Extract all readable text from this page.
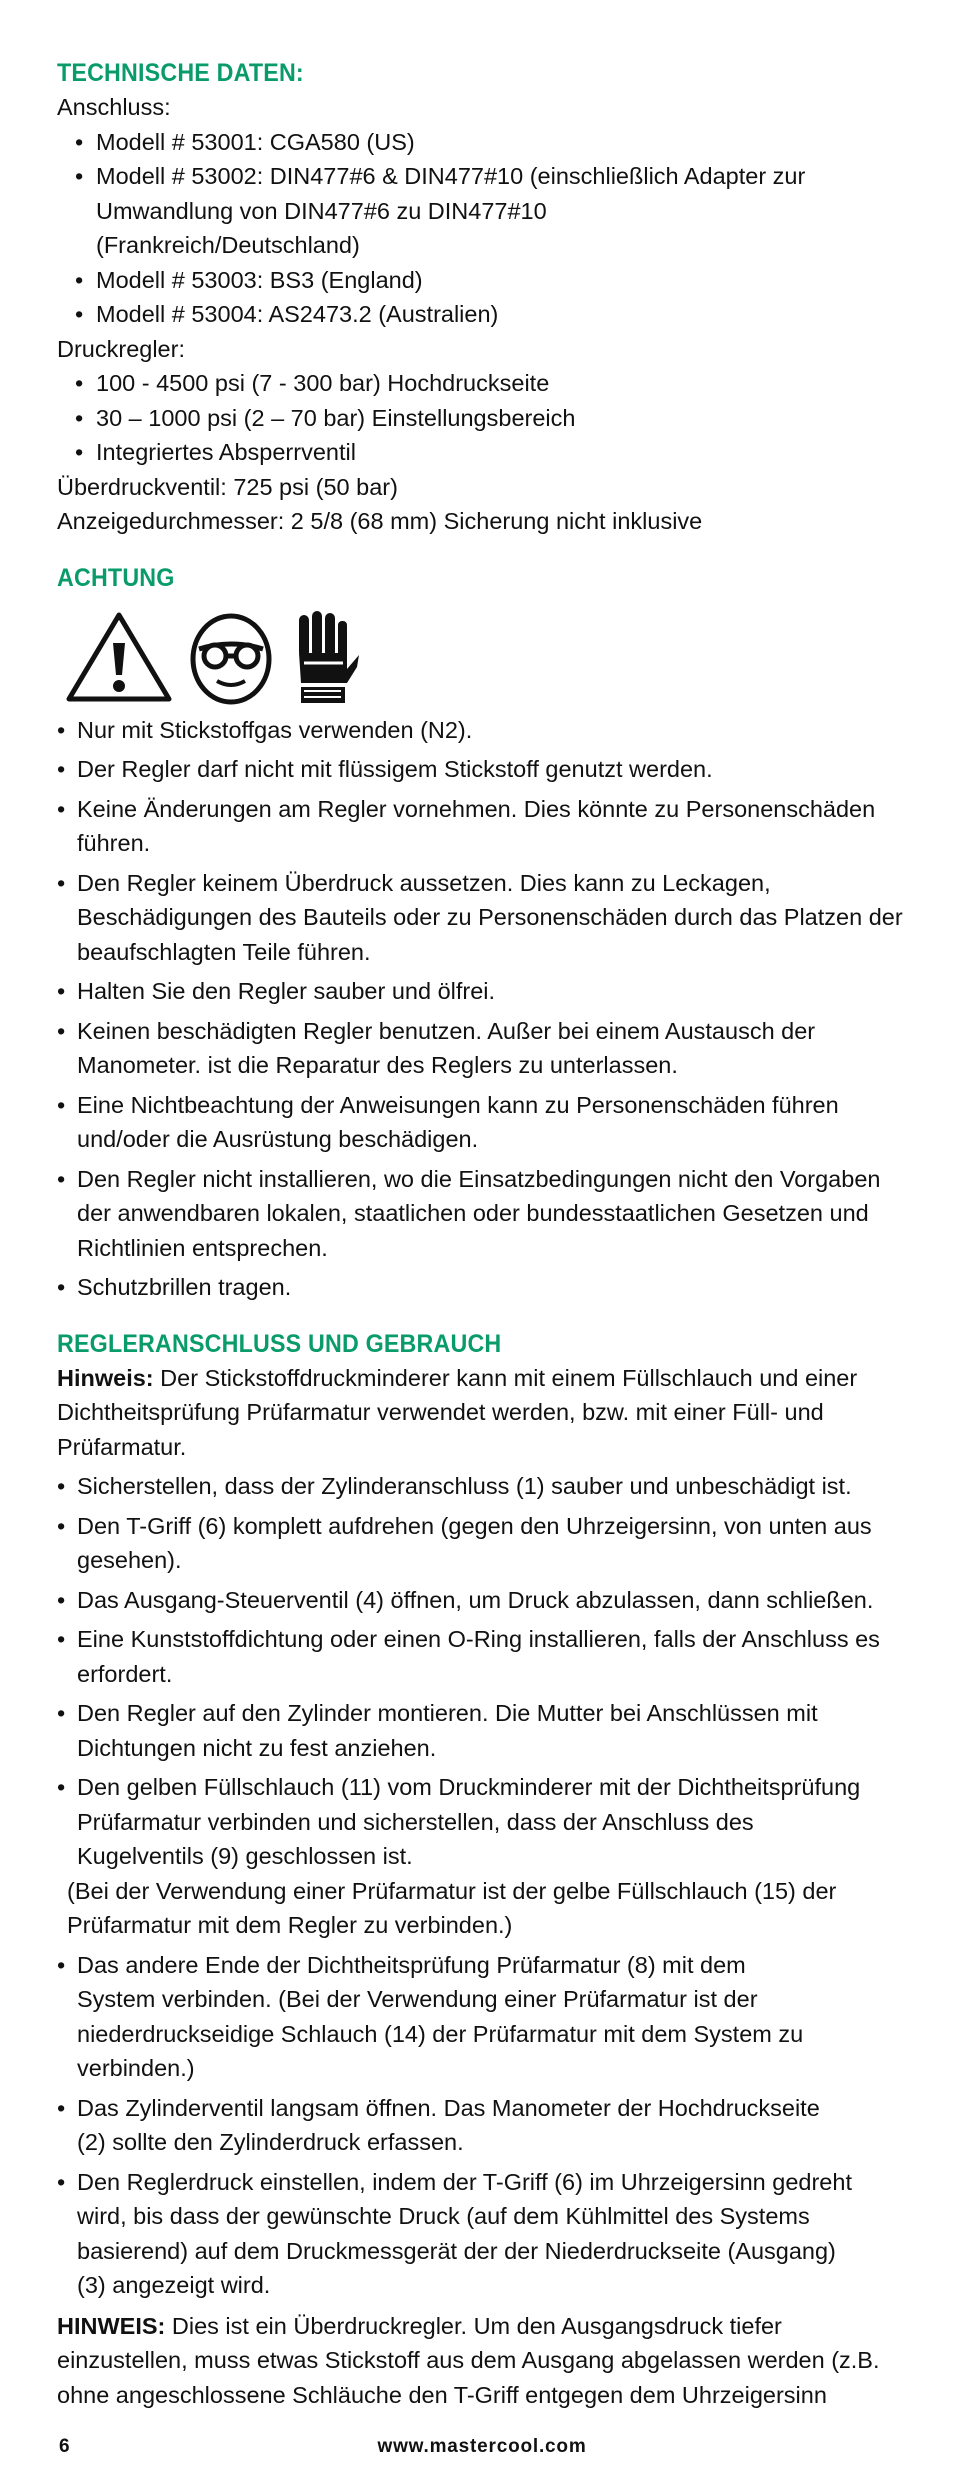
TECHNISCHE DATEN:

Anschluss:

• Modell # 53001: CGA580 (US)

• Modell # 53002: DIN477#6 & DIN477#10 (einschließlich Adapter zur Umwandlung von DIN477#6 zu DIN477#10 (Frankreich/Deutschland)

• Modell # 53003: BS3 (England)

• Modell # 53004: AS2473.2 (Australien)

Druckregler:

• 100 - 4500 psi (7 - 300 bar) Hochdruckseite

• 30 – 1000 psi (2 – 70 bar) Einstellungsbereich

• Integriertes Absperrventil

Überdruckventil: 725 psi (50 bar)

Anzeigedurchmesser: 2 5/8 (68 mm) Sicherung nicht inklusive

ACHTUNG

• Nur mit Stickstoffgas verwenden (N2).

• Der Regler darf nicht mit flüssigem Stickstoff genutzt werden.

• Keine Änderungen am Regler vornehmen. Dies könnte zu Personenschäden führen.

• Den Regler keinem Überdruck aussetzen. Dies kann zu Leckagen, Beschädigungen des Bauteils oder zu Personenschäden durch das Platzen der beaufschlagten Teile führen.

• Halten Sie den Regler sauber und ölfrei.

• Keinen beschädigten Regler benutzen. Außer bei einem Austausch der Manometer. ist die Reparatur des Reglers zu unterlassen.

• Eine Nichtbeachtung der Anweisungen kann zu Personenschäden führen und/oder die Ausrüstung beschädigen.

• Den Regler nicht installieren, wo die Einsatzbedingungen nicht den Vorgaben der anwendbaren lokalen, staatlichen oder bundesstaatlichen Gesetzen und Richtlinien entsprechen.

• Schutzbrillen tragen.

REGLERANSCHLUSS UND GEBRAUCH

Hinweis: Der Stickstoffdruckminderer kann mit einem Füllschlauch und einer Dichtheitsprüfung Prüfarmatur verwendet werden, bzw. mit einer Füll- und Prüfarmatur.

• Sicherstellen, dass der Zylinderanschluss (1) sauber und unbeschädigt ist.

• Den T-Griff (6) komplett aufdrehen (gegen den Uhrzeigersinn, von unten aus gesehen).

• Das Ausgang-Steuerventil (4) öffnen, um Druck abzulassen, dann schließen.

• Eine Kunststoffdichtung oder einen O-Ring installieren, falls der Anschluss es erfordert.

• Den Regler auf den Zylinder montieren. Die Mutter bei Anschlüssen mit Dichtungen nicht zu fest anziehen.

• Den gelben Füllschlauch (11) vom Druckminderer mit der Dichtheitsprüfung Prüfarmatur verbinden und sicherstellen, dass der Anschluss des Kugelventils (9) geschlossen ist.

(Bei der Verwendung einer Prüfarmatur ist der gelbe Füllschlauch (15) der Prüfarmatur mit dem Regler zu verbinden.)

• Das andere Ende der Dichtheitsprüfung Prüfarmatur (8) mit dem System verbinden. (Bei der Verwendung einer Prüfarmatur ist der niederdruckseidige Schlauch (14) der Prüfarmatur mit dem System zu verbinden.)

• Das Zylinderventil langsam öffnen. Das Manometer der Hochdruckseite (2) sollte den Zylinderdruck erfassen.

• Den Reglerdruck einstellen, indem der T-Griff (6) im Uhrzeigersinn gedreht wird, bis dass der gewünschte Druck (auf dem Kühlmittel des Systems basierend) auf dem Druckmessgerät der der Niederdruckseite (Ausgang) (3) angezeigt wird.

HINWEIS: Dies ist ein Überdruckregler. Um den Ausgangsdruck tiefer einzustellen, muss etwas Stickstoff aus dem Ausgang abgelassen werden (z.B. ohne angeschlossene Schläuche den T-Griff entgegen dem Uhrzeigersinn

6	www.mastercool.com
